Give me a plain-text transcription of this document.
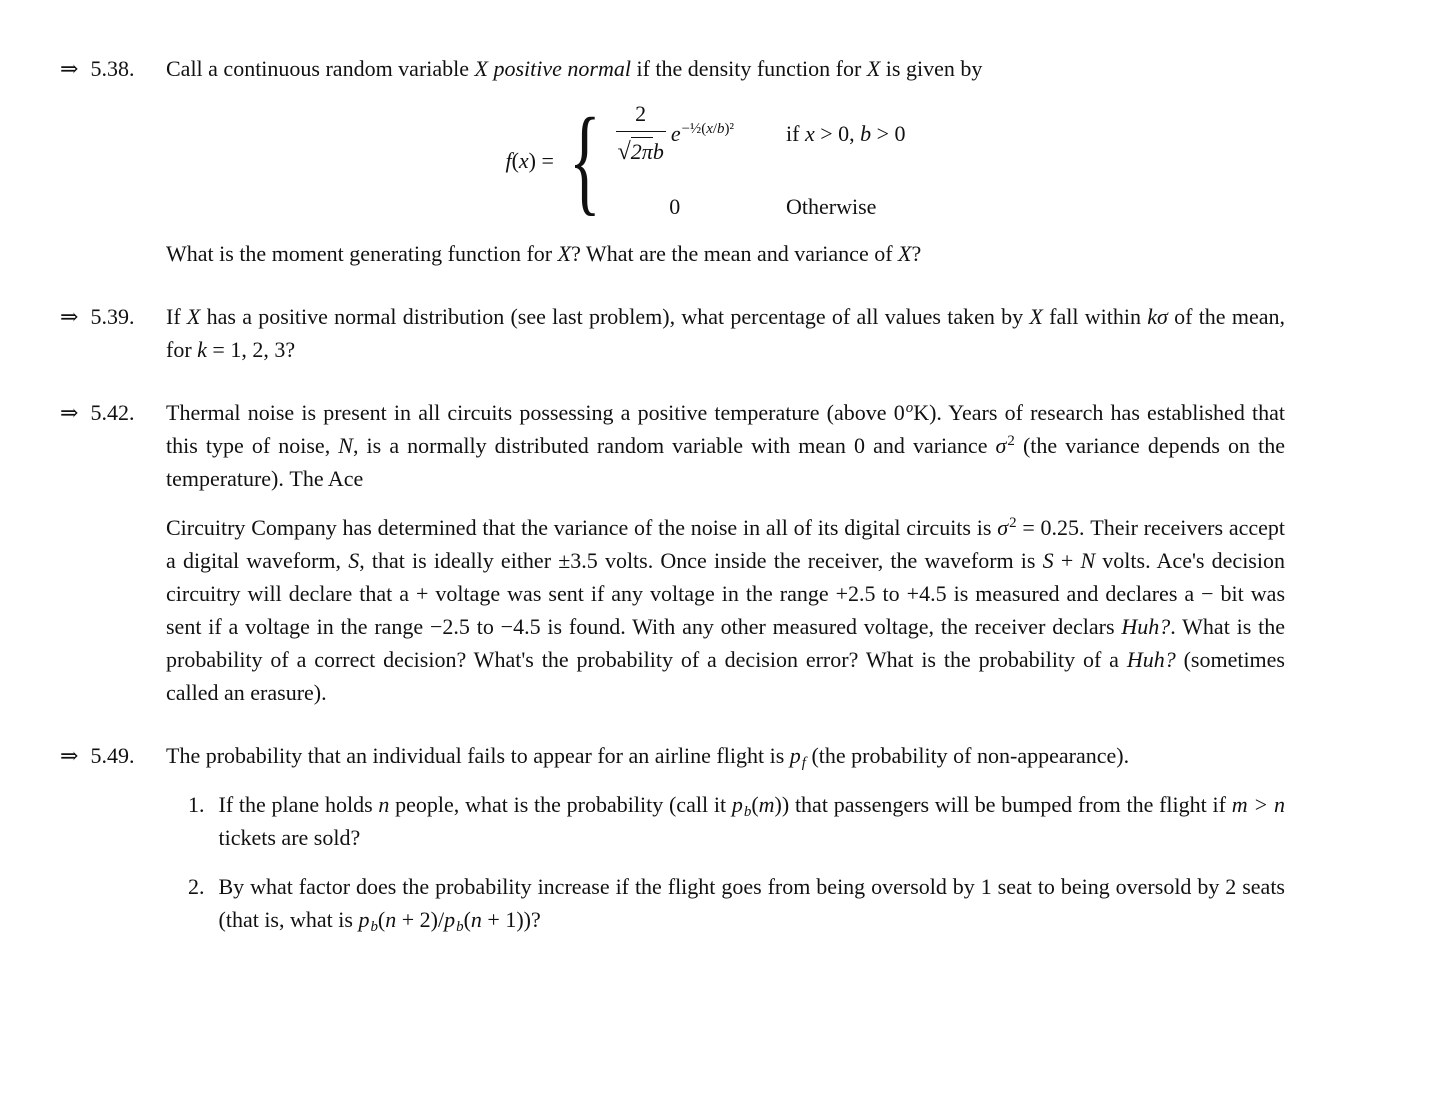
⇒ 5.38. Call a continuous random variable X positive normal if the density function for X is given by

f(x) = { $\frac{2}{√2\pi b} e^{-\frac{1}{2}(x/b)^2}$ if x > 0, b > 0
0	Otherwise

What is the moment generating function for X? What are the mean and variance of X?

⇒ 5.39. If X has a positive normal distribution (see last problem), what percentage of all values taken by X fall within kσ of the mean, for k = 1, 2, 3?

⇒ 5.42. Thermal noise is present in all circuits possessing a positive temperature (above 0$^o$K). Years of research has established that this type of noise, N, is a normally distributed random variable with mean 0 and variance $\sigma^2$ (the variance depends on the temperature). The Ace

Circuitry Company has determined that the variance of the noise in all of its digital circuits is $\sigma^2 = 0.25$. Their receivers accept a digital waveform, S, that is ideally either ±3.5 volts. Once inside the receiver, the waveform is S + N volts. Ace's decision circuitry will declare that a + voltage was sent if any voltage in the range +2.5 to +4.5 is measured and declares a − bit was sent if a voltage in the range −2.5 to −4.5 is found. With any other measured voltage, the receiver declars Huh?. What is the probability of a correct decision? What's the probability of a decision error? What is the probability of a Huh? (sometimes called an erasure).

⇒ 5.49. The probability that an individual fails to appear for an airline flight is pf (the probability of non-appearance).

1. If the plane holds n people, what is the probability (call it pb(m)) that passengers will be bumped from the flight if m > n tickets are sold?
2. By what factor does the probability increase if the flight goes from being oversold by 1 seat to being oversold by 2 seats (that is, what is pb(n + 2)/pb(n + 1))?
